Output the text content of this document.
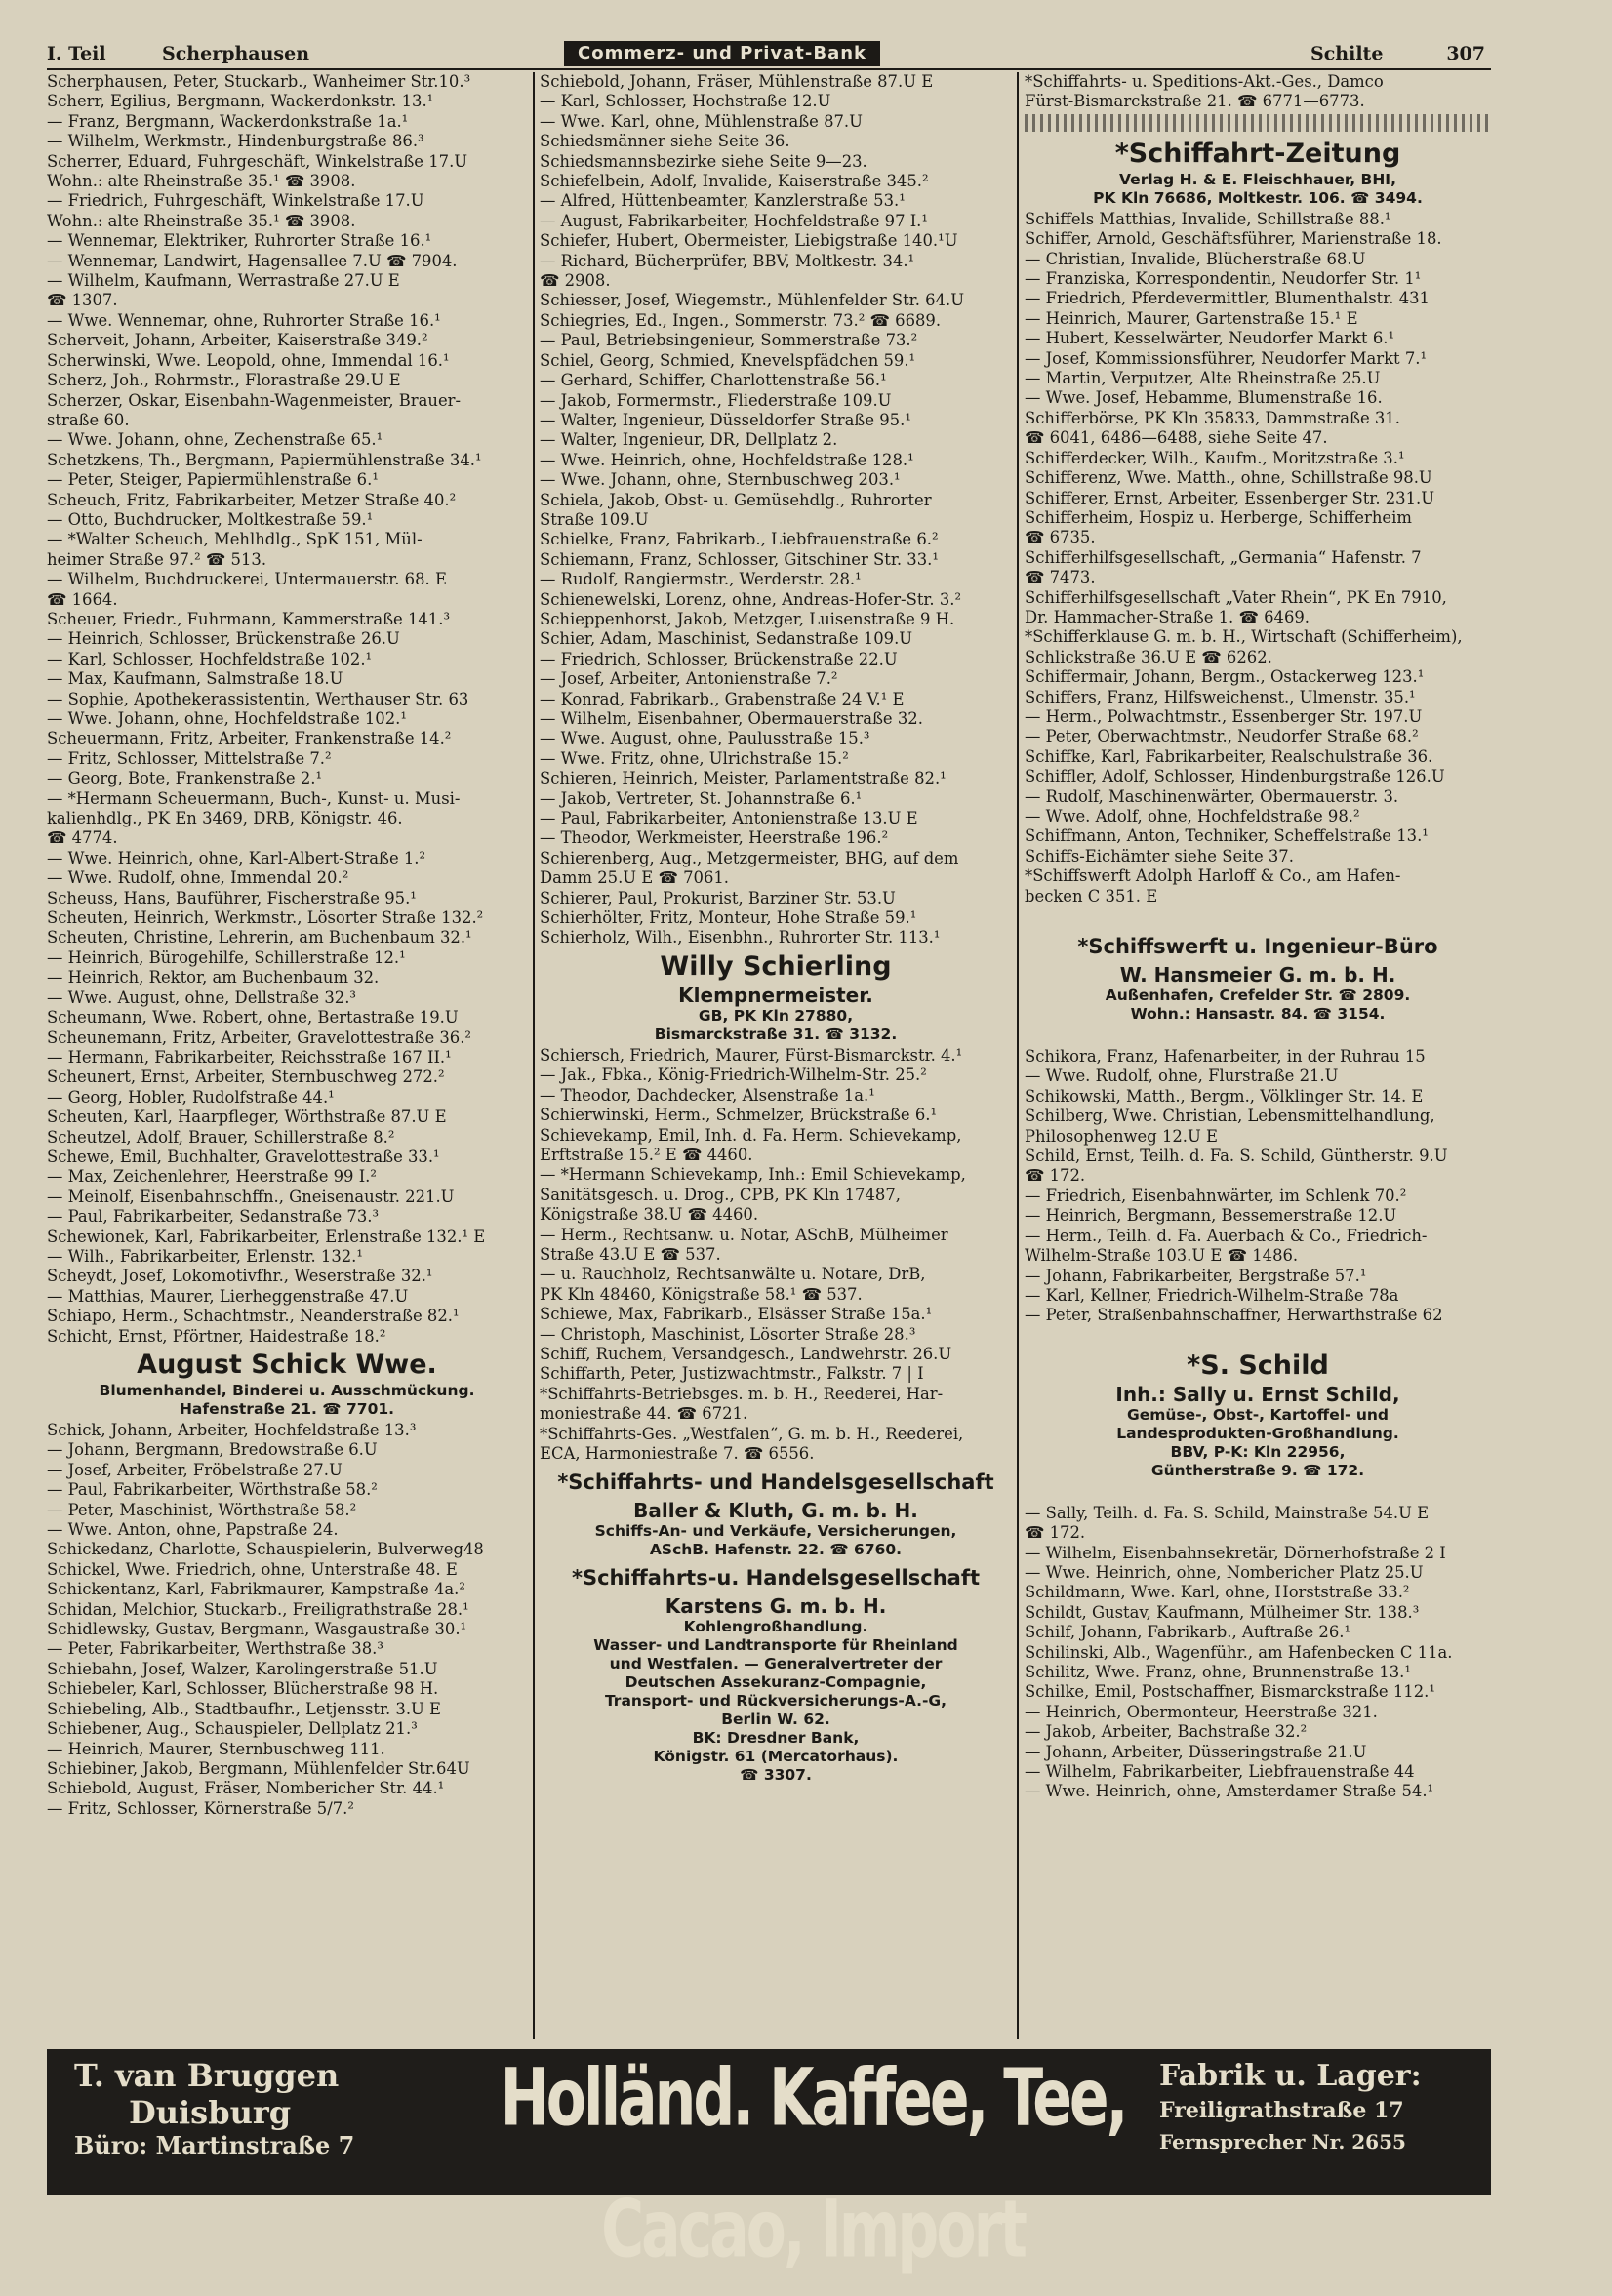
I. Teil	Scherphausen	Commerz- und Privat-Bank	Schilte	307
Scherphausen, Peter, Stuckarb., Wanheimer Str.10.³
Scherr, Egilius, Bergmann, Wackerdonkstr. 13.¹
— Franz, Bergmann, Wackerdonkstraße 1a.¹
— Wilhelm, Werkmstr., Hindenburgstraße 86.³
Scherrer, Eduard, Fuhrgeschäft, Winkelstraße 17.U
Wohn.: alte Rheinstraße 35.¹ ☎ 3908.
— Friedrich, Fuhrgeschäft, Winkelstraße 17.U
Wohn.: alte Rheinstraße 35.¹ ☎ 3908.
— Wennemar, Elektriker, Ruhrorter Straße 16.¹
— Wennemar, Landwirt, Hagensallee 7.U ☎ 7904.
— Wilhelm, Kaufmann, Werrastraße 27.U E
☎ 1307.
— Wwe. Wennemar, ohne, Ruhrorter Straße 16.¹
Scherveit, Johann, Arbeiter, Kaiserstraße 349.²
Scherwinski, Wwe. Leopold, ohne, Immendal 16.¹
Scherz, Joh., Rohrmstr., Florastraße 29.U E
Scherzer, Oskar, Eisenbahn-Wagenmeister, Brauer-
straße 60.
— Wwe. Johann, ohne, Zechenstraße 65.¹
Schetzkens, Th., Bergmann, Papiermühlenstraße 34.¹
— Peter, Steiger, Papiermühlenstraße 6.¹
Scheuch, Fritz, Fabrikarbeiter, Metzer Straße 40.²
— Otto, Buchdrucker, Moltkestraße 59.¹
— *Walter Scheuch, Mehlhdlg., SpK 151, Mül-
heimer Straße 97.² ☎ 513.
— Wilhelm, Buchdruckerei, Untermauerstr. 68. E
☎ 1664.
Scheuer, Friedr., Fuhrmann, Kammerstraße 141.³
— Heinrich, Schlosser, Brückenstraße 26.U
— Karl, Schlosser, Hochfeldstraße 102.¹
— Max, Kaufmann, Salmstraße 18.U
— Sophie, Apothekerassistentin, Werthauser Str. 63
— Wwe. Johann, ohne, Hochfeldstraße 102.¹
Scheuermann, Fritz, Arbeiter, Frankenstraße 14.²
— Fritz, Schlosser, Mittelstraße 7.²
— Georg, Bote, Frankenstraße 2.¹
— *Hermann Scheuermann, Buch-, Kunst- u. Musi-
kalienhdlg., PK En 3469, DRB, Königstr. 46.
☎ 4774.
— Wwe. Heinrich, ohne, Karl-Albert-Straße 1.²
— Wwe. Rudolf, ohne, Immendal 20.²
Scheuss, Hans, Bauführer, Fischerstraße 95.¹
Scheuten, Heinrich, Werkmstr., Lösorter Straße 132.²
Scheuten, Christine, Lehrerin, am Buchenbaum 32.¹
— Heinrich, Bürogehilfe, Schillerstraße 12.¹
— Heinrich, Rektor, am Buchenbaum 32.
— Wwe. August, ohne, Dellstraße 32.³
Scheumann, Wwe. Robert, ohne, Bertastraße 19.U
Scheunemann, Fritz, Arbeiter, Gravelottestraße 36.²
— Hermann, Fabrikarbeiter, Reichsstraße 167 II.¹
Scheunert, Ernst, Arbeiter, Sternbuschweg 272.²
— Georg, Hobler, Rudolfstraße 44.¹
Scheuten, Karl, Haarpfleger, Wörthstraße 87.U E
Scheutzel, Adolf, Brauer, Schillerstraße 8.²
Schewe, Emil, Buchhalter, Gravelottestraße 33.¹
— Max, Zeichenlehrer, Heerstraße 99 I.²
— Meinolf, Eisenbahnschffn., Gneisenaustr. 221.U
— Paul, Fabrikarbeiter, Sedanstraße 73.³
Schewionek, Karl, Fabrikarbeiter, Erlenstraße 132.¹ E
— Wilh., Fabrikarbeiter, Erlenstr. 132.¹
Scheydt, Josef, Lokomotivfhr., Weserstraße 32.¹
— Matthias, Maurer, Lierheggenstraße 47.U
Schiapo, Herm., Schachtmstr., Neanderstraße 82.¹
Schicht, Ernst, Pförtner, Haidestraße 18.²
August Schick Wwe.
Blumenhandel, Binderei u. Ausschmückung.
Hafenstraße 21. ☎ 7701.
Schick, Johann, Arbeiter, Hochfeldstraße 13.³
— Johann, Bergmann, Bredowstraße 6.U
— Josef, Arbeiter, Fröbelstraße 27.U
— Paul, Fabrikarbeiter, Wörthstraße 58.²
— Peter, Maschinist, Wörthstraße 58.²
— Wwe. Anton, ohne, Papstraße 24.
Schickedanz, Charlotte, Schauspielerin, Bulverweg48
Schickel, Wwe. Friedrich, ohne, Unterstraße 48. E
Schickentanz, Karl, Fabrikmaurer, Kampstraße 4a.²
Schidan, Melchior, Stuckarb., Freiligrathstraße 28.¹
Schidlewsky, Gustav, Bergmann, Wasgaustraße 30.¹
— Peter, Fabrikarbeiter, Werthstraße 38.³
Schiebahn, Josef, Walzer, Karolingerstraße 51.U
Schiebeler, Karl, Schlosser, Blücherstraße 98 H.
Schiebeling, Alb., Stadtbaufhr., Letjensstr. 3.U E
Schiebener, Aug., Schauspieler, Dellplatz 21.³
— Heinrich, Maurer, Sternbuschweg 111.
Schiebiner, Jakob, Bergmann, Mühlenfelder Str.64U
Schiebold, August, Fräser, Nombericher Str. 44.¹
— Fritz, Schlosser, Körnerstraße 5/7.²
Schiebold, Johann, Fräser, Mühlenstraße 87.U E
— Karl, Schlosser, Hochstraße 12.U
— Wwe. Karl, ohne, Mühlenstraße 87.U
Schiedsmänner siehe Seite 36.
Schiedsmannsbezirke siehe Seite 9—23.
Schiefelbein, Adolf, Invalide, Kaiserstraße 345.²
— Alfred, Hüttenbeamter, Kanzlerstraße 53.¹
— August, Fabrikarbeiter, Hochfeldstraße 97 I.¹
Schiefer, Hubert, Obermeister, Liebigstraße 140.¹U
— Richard, Bücherprüfer, BBV, Moltkestr. 34.¹
☎ 2908.
Schiesser, Josef, Wiegemstr., Mühlenfelder Str. 64.U
Schiegries, Ed., Ingen., Sommerstr. 73.² ☎ 6689.
— Paul, Betriebsingenieur, Sommerstraße 73.²
Schiel, Georg, Schmied, Knevelspfädchen 59.¹
— Gerhard, Schiffer, Charlottenstraße 56.¹
— Jakob, Formermstr., Fliederstraße 109.U
— Walter, Ingenieur, Düsseldorfer Straße 95.¹
— Walter, Ingenieur, DR, Dellplatz 2.
— Wwe. Heinrich, ohne, Hochfeldstraße 128.¹
— Wwe. Johann, ohne, Sternbuschweg 203.¹
Schiela, Jakob, Obst- u. Gemüsehdlg., Ruhrorter
Straße 109.U
Schielke, Franz, Fabrikarb., Liebfrauenstraße 6.²
Schiemann, Franz, Schlosser, Gitschiner Str. 33.¹
— Rudolf, Rangiermstr., Werderstr. 28.¹
Schienewelski, Lorenz, ohne, Andreas-Hofer-Str. 3.²
Schieppenhorst, Jakob, Metzger, Luisenstraße 9 H.
Schier, Adam, Maschinist, Sedanstraße 109.U
— Friedrich, Schlosser, Brückenstraße 22.U
— Josef, Arbeiter, Antonienstraße 7.²
— Konrad, Fabrikarb., Grabenstraße 24 V.¹ E
— Wilhelm, Eisenbahner, Obermauerstraße 32.
— Wwe. August, ohne, Paulusstraße 15.³
— Wwe. Fritz, ohne, Ulrichstraße 15.²
Schieren, Heinrich, Meister, Parlamentstraße 82.¹
— Jakob, Vertreter, St. Johannstraße 6.¹
— Paul, Fabrikarbeiter, Antonienstraße 13.U E
— Theodor, Werkmeister, Heerstraße 196.²
Schierenberg, Aug., Metzgermeister, BHG, auf dem
Damm 25.U E ☎ 7061.
Schierer, Paul, Prokurist, Barziner Str. 53.U
Schierhölter, Fritz, Monteur, Hohe Straße 59.¹
Schierholz, Wilh., Eisenbhn., Ruhrorter Str. 113.¹
Willy Schierling
Klempnermeister.
GB, PK Kln 27880,
Bismarckstraße 31. ☎ 3132.
Schiersch, Friedrich, Maurer, Fürst-Bismarckstr. 4.¹
— Jak., Fbka., König-Friedrich-Wilhelm-Str. 25.²
— Theodor, Dachdecker, Alsenstraße 1a.¹
Schierwinski, Herm., Schmelzer, Brückstraße 6.¹
Schievekamp, Emil, Inh. d. Fa. Herm. Schievekamp,
Erftstraße 15.² E ☎ 4460.
— *Hermann Schievekamp, Inh.: Emil Schievekamp,
Sanitätsgesch. u. Drog., CPB, PK Kln 17487,
Königstraße 38.U ☎ 4460.
— Herm., Rechtsanw. u. Notar, ASchB, Mülheimer
Straße 43.U E ☎ 537.
— u. Rauchholz, Rechtsanwälte u. Notare, DrB,
PK Kln 48460, Königstraße 58.¹ ☎ 537.
Schiewe, Max, Fabrikarb., Elsässer Straße 15a.¹
— Christoph, Maschinist, Lösorter Straße 28.³
Schiff, Ruchem, Versandgesch., Landwehrstr. 26.U
Schiffarth, Peter, Justizwachtmstr., Falkstr. 7 | I
*Schiffahrts-Betriebsges. m. b. H., Reederei, Har-
moniestraße 44. ☎ 6721.
*Schiffahrts-Ges. „Westfalen“, G. m. b. H., Reederei,
ECA, Harmoniestraße 7. ☎ 6556.
*Schiffahrts- und Handelsgesellschaft
Baller & Kluth, G. m. b. H.
Schiffs-An- und Verkäufe, Versicherungen,
ASchB. Hafenstr. 22. ☎ 6760.
*Schiffahrts-u. Handelsgesellschaft
Karstens G. m. b. H.
Kohlengroßhandlung.
Wasser- und Landtransporte für Rheinland
und Westfalen. — Generalvertreter der
Deutschen Assekuranz-Compagnie,
Transport- und Rückversicherungs-A.-G,
Berlin W. 62.
BK: Dresdner Bank,
Königstr. 61 (Mercatorhaus).
☎ 3307.
*Schiffahrts- u. Speditions-Akt.-Ges., Damco
Fürst-Bismarckstraße 21. ☎ 6771—6773.
*Schiffahrt-Zeitung
Verlag H. & E. Fleischhauer, BHI,
PK Kln 76686, Moltkestr. 106. ☎ 3494.
Schiffels Matthias, Invalide, Schillstraße 88.¹
Schiffer, Arnold, Geschäftsführer, Marienstraße 18.
— Christian, Invalide, Blücherstraße 68.U
— Franziska, Korrespondentin, Neudorfer Str. 1¹
— Friedrich, Pferdevermittler, Blumenthalstr. 431
— Heinrich, Maurer, Gartenstraße 15.¹ E
— Hubert, Kesselwärter, Neudorfer Markt 6.¹
— Josef, Kommissionsführer, Neudorfer Markt 7.¹
— Martin, Verputzer, Alte Rheinstraße 25.U
— Wwe. Josef, Hebamme, Blumenstraße 16.
Schifferbörse, PK Kln 35833, Dammstraße 31.
☎ 6041, 6486—6488, siehe Seite 47.
Schifferdecker, Wilh., Kaufm., Moritzstraße 3.¹
Schifferenz, Wwe. Matth., ohne, Schillstraße 98.U
Schifferer, Ernst, Arbeiter, Essenberger Str. 231.U
Schifferheim, Hospiz u. Herberge, Schifferheim
☎ 6735.
Schifferhilfsgesellschaft, „Germania“ Hafenstr. 7
☎ 7473.
Schifferhilfsgesellschaft „Vater Rhein“, PK En 7910,
Dr. Hammacher-Straße 1. ☎ 6469.
*Schifferklause G. m. b. H., Wirtschaft (Schifferheim),
Schlickstraße 36.U E ☎ 6262.
Schiffermair, Johann, Bergm., Ostackerweg 123.¹
Schiffers, Franz, Hilfsweichenst., Ulmenstr. 35.¹
— Herm., Polwachtmstr., Essenberger Str. 197.U
— Peter, Oberwachtmstr., Neudorfer Straße 68.²
Schiffke, Karl, Fabrikarbeiter, Realschulstraße 36.
Schiffler, Adolf, Schlosser, Hindenburgstraße 126.U
— Rudolf, Maschinenwärter, Obermauerstr. 3.
— Wwe. Adolf, ohne, Hochfeldstraße 98.²
Schiffmann, Anton, Techniker, Scheffelstraße 13.¹
Schiffs-Eichämter siehe Seite 37.
*Schiffswerft Adolph Harloff & Co., am Hafen-
becken C 351. E
*Schiffswerft u. Ingenieur-Büro
W. Hansmeier G. m. b. H.
Außenhafen, Crefelder Str. ☎ 2809.
Wohn.: Hansastr. 84. ☎ 3154.
Schikora, Franz, Hafenarbeiter, in der Ruhrau 15
— Wwe. Rudolf, ohne, Flurstraße 21.U
Schikowski, Matth., Bergm., Völklinger Str. 14. E
Schilberg, Wwe. Christian, Lebensmittelhandlung,
Philosophenweg 12.U E
Schild, Ernst, Teilh. d. Fa. S. Schild, Güntherstr. 9.U
☎ 172.
— Friedrich, Eisenbahnwärter, im Schlenk 70.²
— Heinrich, Bergmann, Bessemerstraße 12.U
— Herm., Teilh. d. Fa. Auerbach & Co., Friedrich-
Wilhelm-Straße 103.U E ☎ 1486.
— Johann, Fabrikarbeiter, Bergstraße 57.¹
— Karl, Kellner, Friedrich-Wilhelm-Straße 78a
— Peter, Straßenbahnschaffner, Herwarthstraße 62
*S. Schild
Inh.: Sally u. Ernst Schild,
Gemüse-, Obst-, Kartoffel- und
Landesprodukten-Großhandlung.
BBV, P-K: Kln 22956,
Güntherstraße 9. ☎ 172.
— Sally, Teilh. d. Fa. S. Schild, Mainstraße 54.U E
☎ 172.
— Wilhelm, Eisenbahnsekretär, Dörnerhofstraße 2 I
— Wwe. Heinrich, ohne, Nombericher Platz 25.U
Schildmann, Wwe. Karl, ohne, Horststraße 33.²
Schildt, Gustav, Kaufmann, Mülheimer Str. 138.³
Schilf, Johann, Fabrikarb., Auftraße 26.¹
Schilinski, Alb., Wagenführ., am Hafenbecken C 11a.
Schilitz, Wwe. Franz, ohne, Brunnenstraße 13.¹
Schilke, Emil, Postschaffner, Bismarckstraße 112.¹
— Heinrich, Obermonteur, Heerstraße 321.
— Jakob, Arbeiter, Bachstraße 32.²
— Johann, Arbeiter, Düsseringstraße 21.U
— Wilhelm, Fabrikarbeiter, Liebfrauenstraße 44
— Wwe. Heinrich, ohne, Amsterdamer Straße 54.¹
T. van Bruggen
Duisburg
Büro: Martinstraße 7
Holländ. Kaffee, Tee, Cacao, Import
Fabrik u. Lager:
Freiligrathstraße 17
Fernsprecher Nr. 2655
